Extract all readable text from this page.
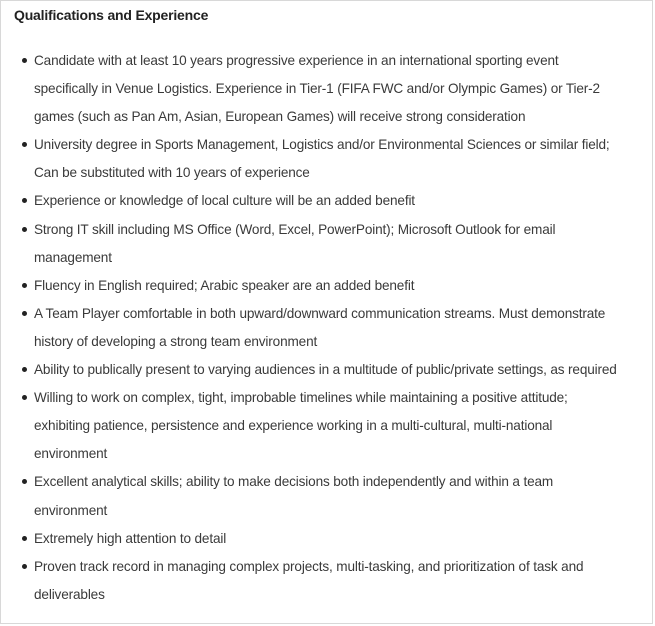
Qualifications and Experience
Candidate with at least 10 years progressive experience in an international sporting event specifically in Venue Logistics. Experience in Tier-1 (FIFA FWC and/or Olympic Games) or Tier-2 games (such as Pan Am, Asian, European Games) will receive strong consideration
University degree in Sports Management, Logistics and/or Environmental Sciences or similar field; Can be substituted with 10 years of experience
Experience or knowledge of local culture will be an added benefit
Strong IT skill including MS Office (Word, Excel, PowerPoint); Microsoft Outlook for email management
Fluency in English required; Arabic speaker are an added benefit
A Team Player comfortable in both upward/downward communication streams. Must demonstrate history of developing a strong team environment
Ability to publically present to varying audiences in a multitude of public/private settings, as required
Willing to work on complex, tight, improbable timelines while maintaining a positive attitude; exhibiting patience, persistence and experience working in a multi-cultural, multi-national environment
Excellent analytical skills; ability to make decisions both independently and within a team environment
Extremely high attention to detail
Proven track record in managing complex projects, multi-tasking, and prioritization of task and deliverables
